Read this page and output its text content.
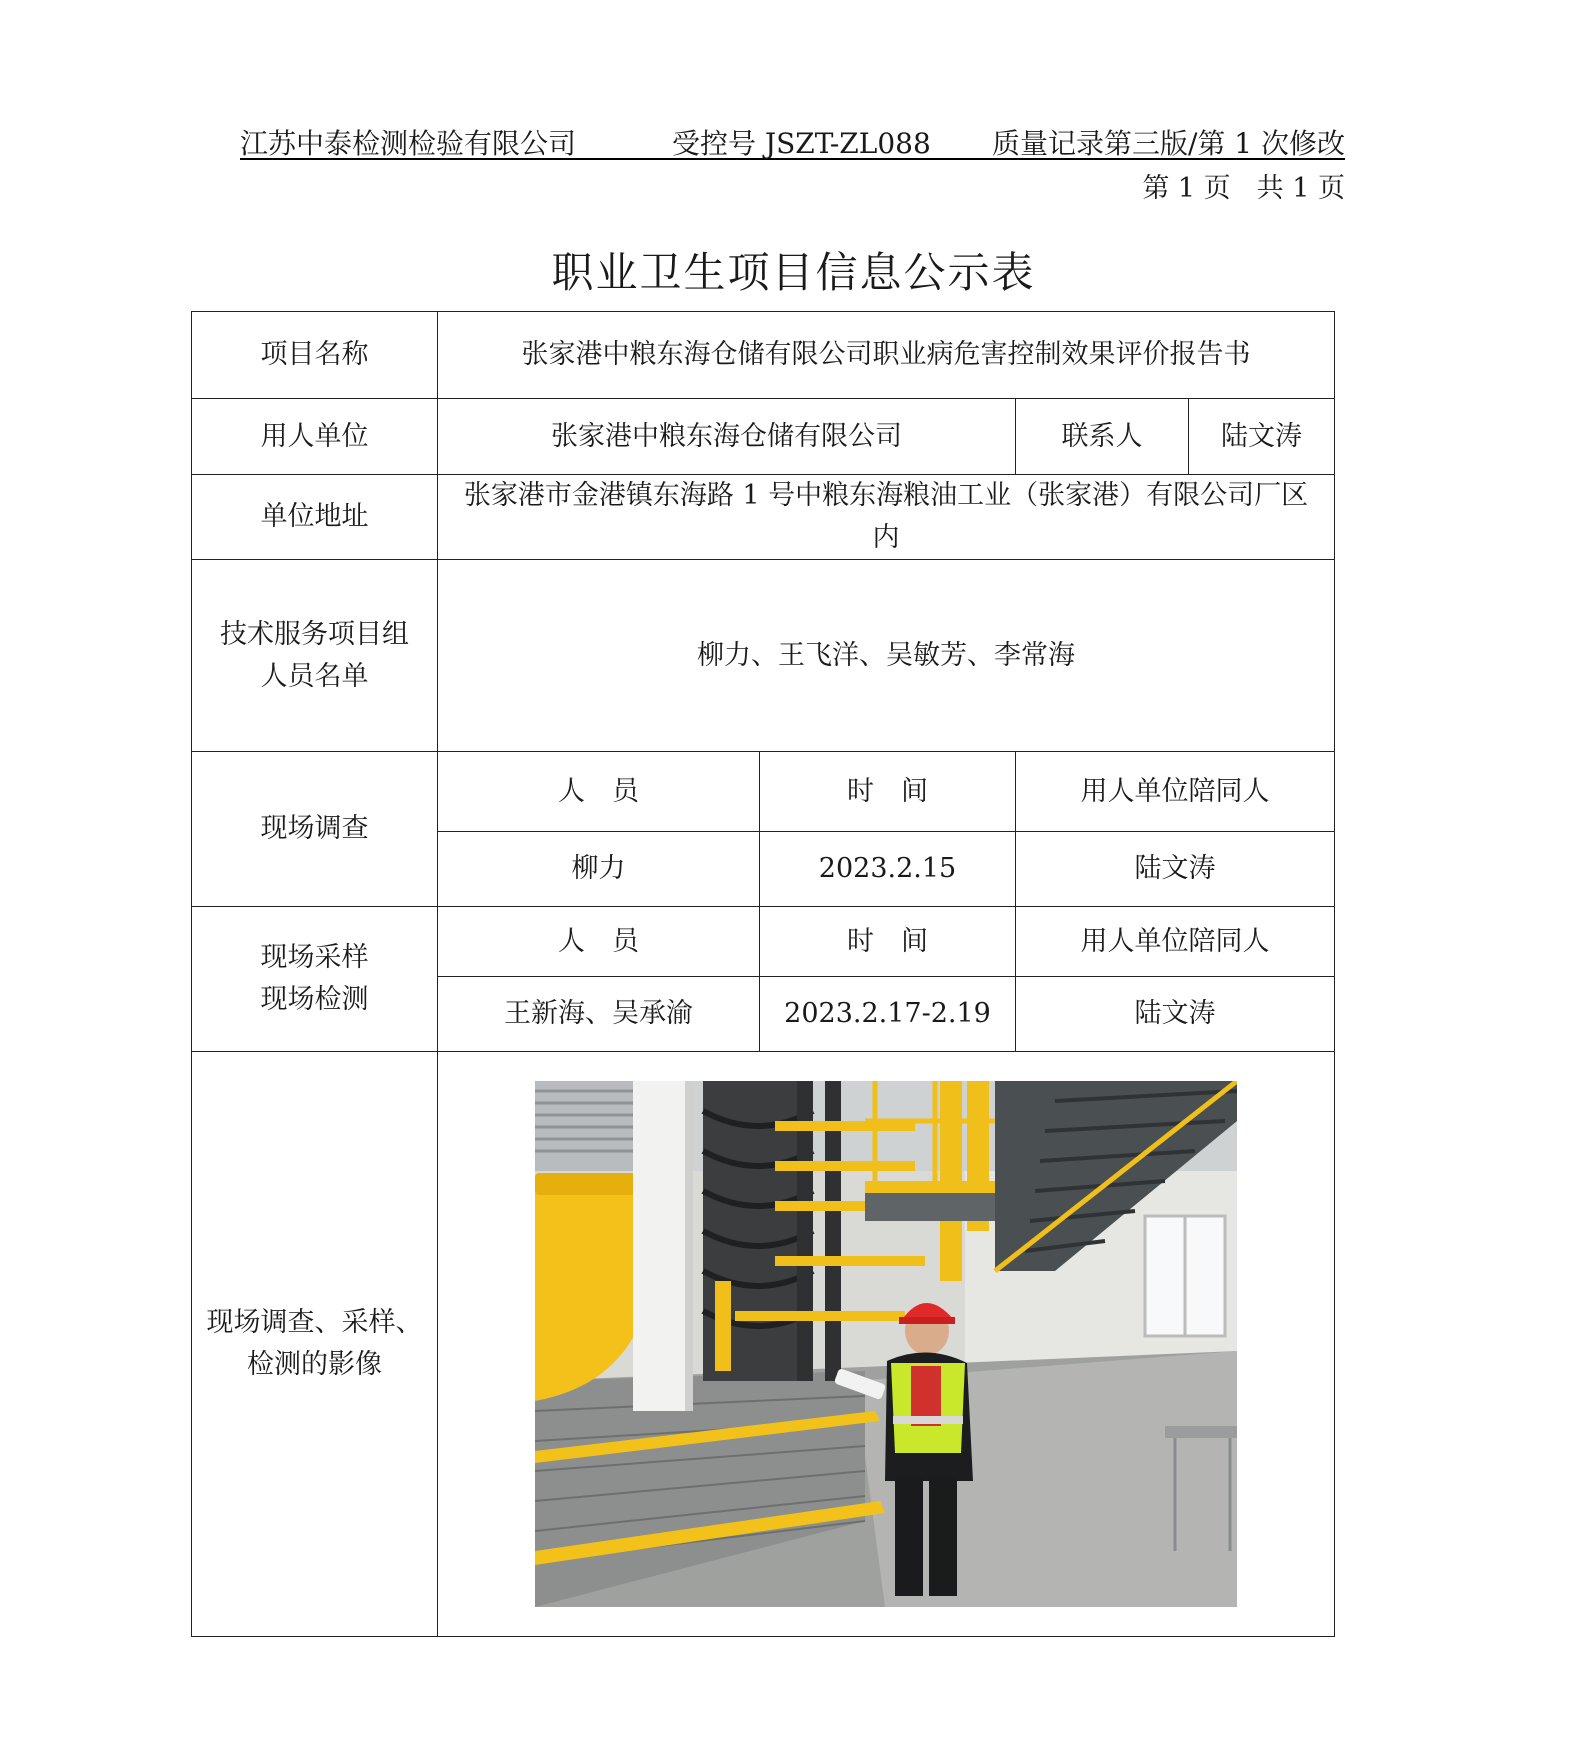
江苏中泰检测检验有限公司	受控号 JSZT-ZL088 质量记录第三版/第 1 次修改
第 1 页 共 1 页
职业卫生项目信息公示表
项目名称	张家港中粮东海仓储有限公司职业病危害控制效果评价报告书			
用人单位	张家港中粮东海仓储有限公司		联系人	陆文涛
单位地址	张家港市金港镇东海路 1 号中粮东海粮油工业（张家港）有限公司厂区内			
技术服务项目组人员名单	柳力、王飞洋、吴敏芳、李常海			
现场调查	人　员	时　间	用人单位陪同人	
	柳力	2023.2.15	陆文涛	
现场采样
现场检测	人　员	时　间	用人单位陪同人	
	王新海、吴承渝	2023.2.17-2.19	陆文涛	
现场调查、采样、检测的影像	
